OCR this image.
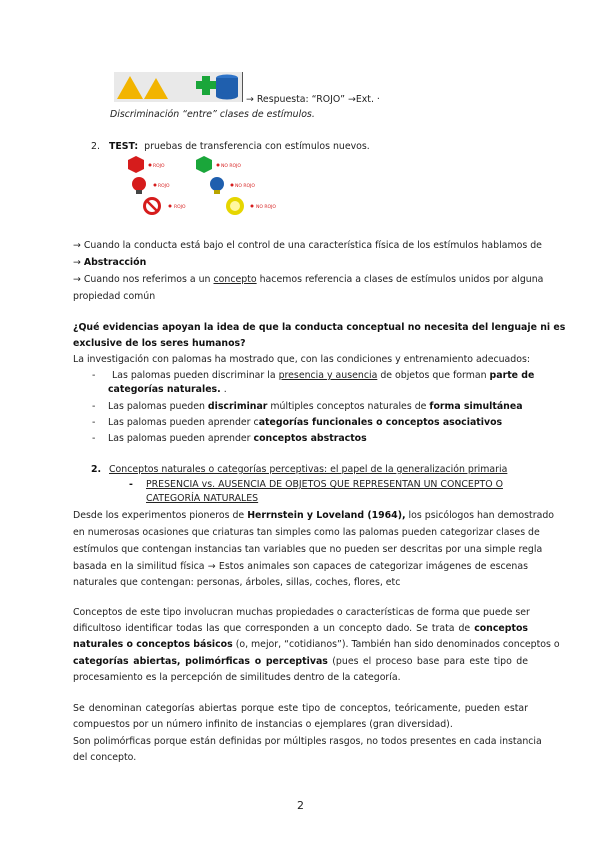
→ Respuesta: “ROJO” →Ext. ·
Discriminación “entre” clases de estímulos.
2. TEST: pruebas de transferencia con estímulos nuevos.
ROJO
ROJO
ROJO
NO ROJO
NO ROJO
NO ROJO
→ Cuando la conducta está bajo el control de una característica física de los estímulos hablamos de
→ Abstracción
→ Cuando nos referimos a un concepto hacemos referencia a clases de estímulos unidos por alguna
propiedad común
¿Qué evidencias apoyan la idea de que la conducta conceptual no necesita del lenguaje ni es
exclusive de los seres humanos?
La investigación con palomas ha mostrado que, con las condiciones y entrenamiento adecuados:
- Las palomas pueden discriminar la presencia y ausencia de objetos que forman parte de
categorías naturales. .
- Las palomas pueden discriminar múltiples conceptos naturales de forma simultánea
- Las palomas pueden aprender categorías funcionales o conceptos asociativos
- Las palomas pueden aprender conceptos abstractos
2. Conceptos naturales o categorías perceptivas: el papel de la generalización primaria
- PRESENCIA vs. AUSENCIA DE OBJETOS QUE REPRESENTAN UN CONCEPTO O
CATEGORÍA NATURALES
Desde los experimentos pioneros de Herrnstein y Loveland (1964), los psicólogos han demostrado
en numerosas ocasiones que criaturas tan simples como las palomas pueden categorizar clases de
estímulos que contengan instancias tan variables que no pueden ser descritas por una simple regla
basada en la similitud física → Estos animales son capaces de categorizar imágenes de escenas
naturales que contengan: personas, árboles, sillas, coches, flores, etc
Conceptos de este tipo involucran muchas propiedades o características de forma que puede ser
dificultoso identificar todas las que corresponden a un concepto dado. Se trata de conceptos
naturales o conceptos básicos (o, mejor, “cotidianos”). También han sido denominados conceptos o
categorías abiertas, polimórficas o perceptivas (pues el proceso base para este tipo de
procesamiento es la percepción de similitudes dentro de la categoría.
Se denominan categorías abiertas porque este tipo de conceptos, teóricamente, pueden estar
compuestos por un número infinito de instancias o ejemplares (gran diversidad).
Son polimórficas porque están definidas por múltiples rasgos, no todos presentes en cada instancia
del concepto.
2
